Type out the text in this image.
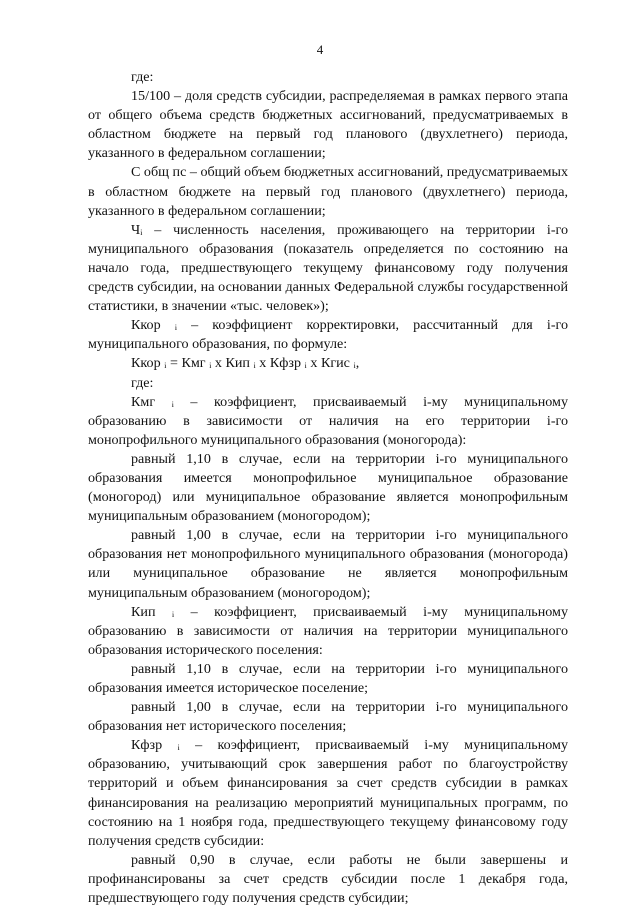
4

где:

15/100 – доля средств субсидии, распределяемая в рамках первого этапа от общего объема средств бюджетных ассигнований, предусматриваемых в областном бюджете на первый год планового (двухлетнего) периода, указанного в федеральном соглашении;

С общ пс – общий объем бюджетных ассигнований, предусматриваемых в областном бюджете на первый год планового (двухлетнего) периода, указанного в федеральном соглашении;

Чᵢ – численность населения, проживающего на территории i-го муниципального образования (показатель определяется по состоянию на начало года, предшествующего текущему финансовому году получения средств субсидии, на основании данных Федеральной службы государственной статистики, в значении «тыс. человек»);

Ккор ᵢ – коэффициент корректировки, рассчитанный для i-го муниципального образования, по формуле:

Ккор ᵢ = Кмг ᵢ х Кип ᵢ х Кфзр ᵢ х Кгис ᵢ,

где:

Кмг ᵢ – коэффициент, присваиваемый i-му муниципальному образованию в зависимости от наличия на его территории i-го монопрофильного муниципального образования (моногорода):

равный 1,10 в случае, если на территории i-го муниципального образования имеется монопрофильное муниципальное образование (моногород) или муниципальное образование является монопрофильным муниципальным образованием (моногородом);

равный 1,00 в случае, если на территории i-го муниципального образования нет монопрофильного муниципального образования (моногорода) или муниципальное образование не является монопрофильным муниципальным образованием (моногородом);

Кип ᵢ – коэффициент, присваиваемый i-му муниципальному образованию в зависимости от наличия на территории муниципального образования исторического поселения:

равный 1,10 в случае, если на территории i-го муниципального образования имеется историческое поселение;

равный 1,00 в случае, если на территории i-го муниципального образования нет исторического поселения;

Кфзр ᵢ – коэффициент, присваиваемый i-му муниципальному образованию, учитывающий срок завершения работ по благоустройству территорий и объем финансирования за счет средств субсидии в рамках финансирования на реализацию мероприятий муниципальных программ, по состоянию на 1 ноября года, предшествующего текущему финансовому году получения средств субсидии:

равный 0,90 в случае, если работы не были завершены и профинансированы за счет средств субсидии после 1 декабря года, предшествующего году получения средств субсидии;
